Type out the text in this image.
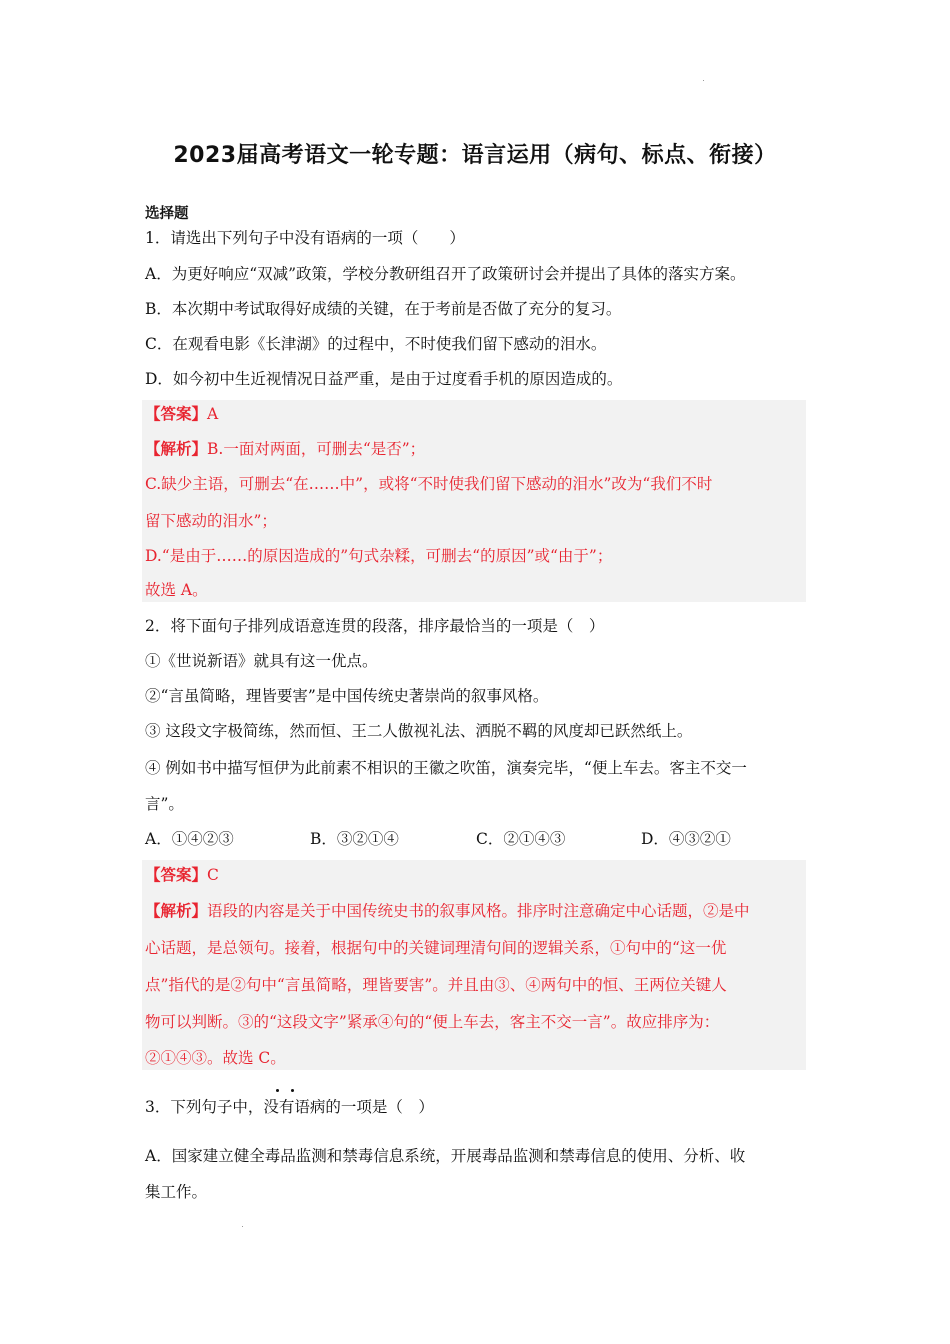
2023届高考语文一轮专题：语言运用（病句、标点、衔接）
选择题
1．请选出下列句子中没有语病的一项（　　）
A．为更好响应“双减”政策，学校分教研组召开了政策研讨会并提出了具体的落实方案。
B．本次期中考试取得好成绩的关键，在于考前是否做了充分的复习。
C．在观看电影《长津湖》的过程中，不时使我们留下感动的泪水。
D．如今初中生近视情况日益严重，是由于过度看手机的原因造成的。
【答案】A
【解析】B.一面对两面，可删去“是否”；
C.缺少主语，可删去“在……中”，或将“不时使我们留下感动的泪水”改为“我们不时
留下感动的泪水”；
D.“是由于……的原因造成的”句式杂糅，可删去“的原因”或“由于”；
故选 A。
2．将下面句子排列成语意连贯的段落，排序最恰当的一项是（　）
①《世说新语》就具有这一优点。
②“言虽简略，理皆要害”是中国传统史著崇尚的叙事风格。
③ 这段文字极简练，然而恒、王二人傲视礼法、洒脱不羁的风度却已跃然纸上。
④ 例如书中描写恒伊为此前素不相识的王徽之吹笛，演奏完毕，“便上车去。客主不交一
言”。
A．①④②③	B．③②①④	C．②①④③	D．④③②①
【答案】C
【解析】语段的内容是关于中国传统史书的叙事风格。排序时注意确定中心话题，②是中
心话题，是总领句。接着，根据句中的关键词理清句间的逻辑关系，①句中的“这一优
点”指代的是②句中“言虽简略，理皆要害”。并且由③、④两句中的恒、王两位关键人
物可以判断。③的“这段文字”紧承④句的“便上车去，客主不交一言”。故应排序为：
②①④③。故选 C。
3．下列句子中，没有语病的一项是（　）
A．国家建立健全毒品监测和禁毒信息系统，开展毒品监测和禁毒信息的使用、分析、收
集工作。
